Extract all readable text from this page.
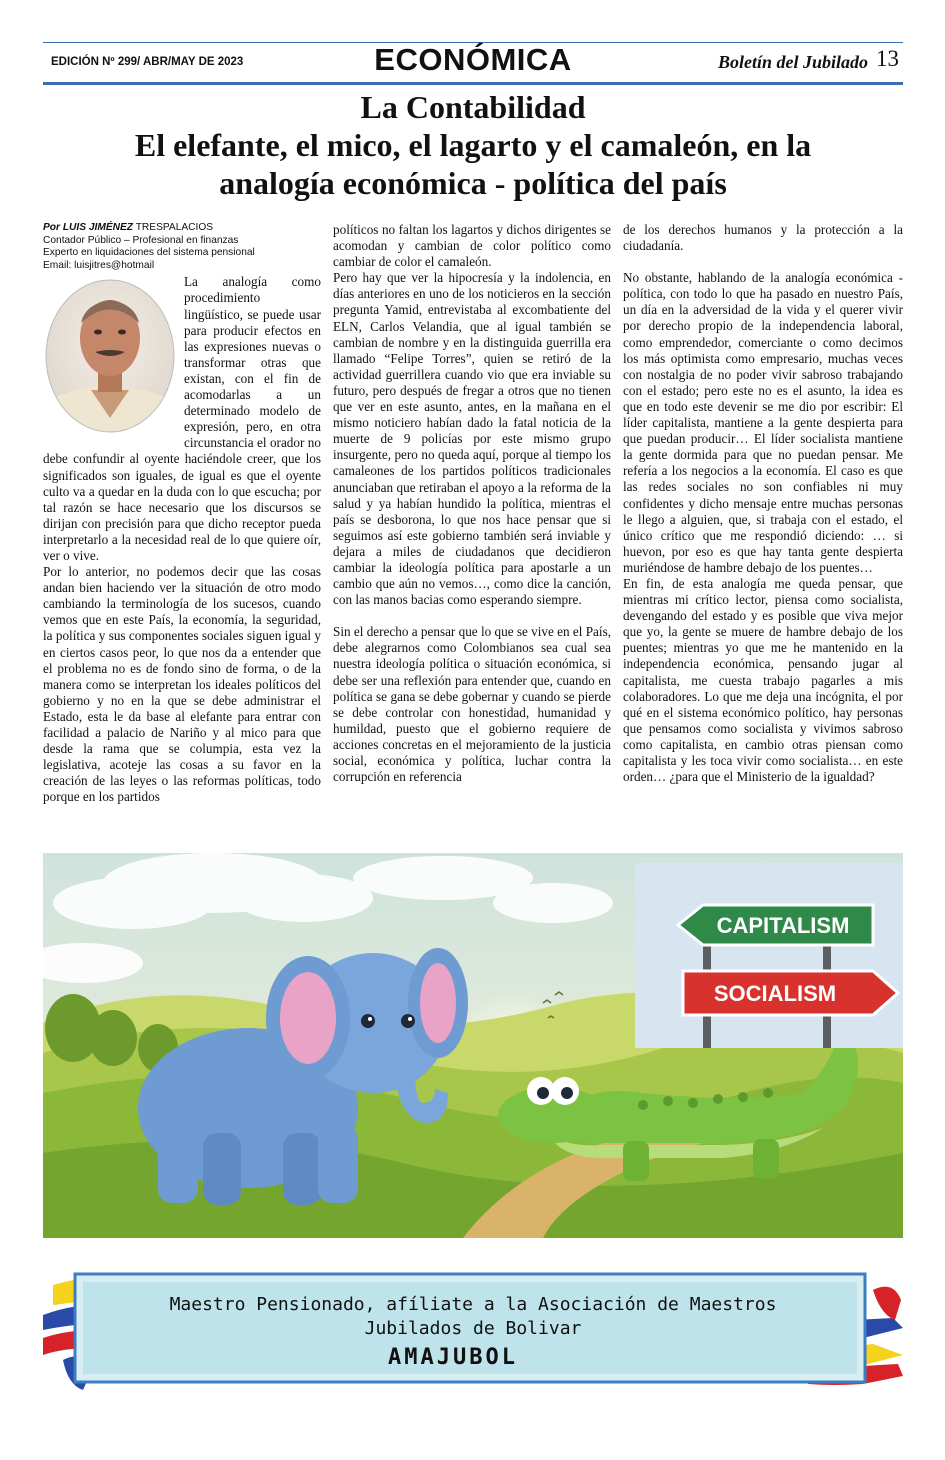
EDICIÓN Nº 299/ ABR/MAY DE 2023	ECONÓMICA	Boletín del Jubilado 13
La Contabilidad
El elefante, el mico, el lagarto y el camaleón, en la
analogía económica - política del país

Por LUIS JIMÉNEZ TRESPALACIOS
Contador Público – Profesional en finanzas
Experto en liquidaciones del sistema pensional
Email: luisjitres@hotmail

La analogía como procedimiento lingüístico, se puede usar para producir efectos en las expresiones nuevas o transformar otras que existan, con el fin de acomodarlas a un determinado modelo de expresión, pero, en otra circunstancia el orador no debe confundir al oyente haciéndole creer, que los significados son iguales, de igual es que el oyente culto va a quedar en la duda con lo que escucha; por tal razón se hace necesario que los discursos se dirijan con precisión para que dicho receptor pueda interpretarlo a la necesidad real de lo que quiere oír, ver o vive.

Por lo anterior, no podemos decir que las cosas andan bien haciendo ver la situación de otro modo cambiando la terminología de los sucesos, cuando vemos que en este País, la economía, la seguridad, la política y sus componentes sociales siguen igual y en ciertos casos peor, lo que nos da a entender que el problema no es de fondo sino de forma, o de la manera como se interpretan los ideales políticos del gobierno y no en la que se debe administrar el Estado, esta le da base al elefante para entrar con facilidad a palacio de Nariño y al mico para que desde la rama que se columpia, esta vez la legislativa, acoteje las cosas a su favor en la creación de las leyes o las reformas políticas, todo porque en los partidos

políticos no faltan los lagartos y dichos dirigentes se acomodan y cambian de color político como cambiar de color el camaleón.

Pero hay que ver la hipocresía y la indolencia, en días anteriores en uno de los noticieros en la sección pregunta Yamid, entrevistaba al excombatiente del ELN, Carlos Velandia, que al igual también se cambian de nombre y en la distinguida guerrilla era llamado “Felipe Torres”, quien se retiró de la actividad guerrillera cuando vio que era inviable su futuro, pero después de fregar a otros que no tienen que ver en este asunto, antes, en la mañana en el mismo noticiero habían dado la fatal noticia de la muerte de 9 policías por este mismo grupo insurgente, pero no queda aquí, porque al tiempo los camaleones de los partidos políticos tradicionales anunciaban que retiraban el apoyo a la reforma de la salud y ya habían hundido la política, mientras el país se desborona, lo que nos hace pensar que si seguimos así este gobierno también será inviable y dejara a miles de ciudadanos que decidieron cambiar la ideología política para apostarle a un cambio que aún no vemos…, como dice la canción, con las manos bacias como esperando siempre.

Sin el derecho a pensar que lo que se vive en el País, debe alegrarnos como Colombianos sea cual sea nuestra ideología política o situación económica, si debe ser una reflexión para entender que, cuando en política se gana se debe gobernar y cuando se pierde se debe controlar con honestidad, humanidad y humildad, puesto que el gobierno requiere de acciones concretas en el mejoramiento de la justicia social, económica y política, luchar contra la corrupción en referencia

de los derechos humanos y la protección a la ciudadanía.

No obstante, hablando de la analogía económica - política, con todo lo que ha pasado en nuestro País, un día en la adversidad de la vida y el querer vivir por derecho propio de la independencia laboral, como emprendedor, comerciante o como decimos los más optimista como empresario, muchas veces con nostalgia de no poder vivir sabroso trabajando con el estado; pero este no es el asunto, la idea es que en todo este devenir se me dio por escribir: El líder capitalista, mantiene a la gente despierta para que puedan producir… El líder socialista mantiene la gente dormida para que no puedan pensar. Me refería a los negocios a la economía. El caso es que las redes sociales no son confiables ni muy confidentes y dicho mensaje entre muchas personas le llego a alguien, que, si trabaja con el estado, el único crítico que me respondió diciendo: … si huevon, por eso es que hay tanta gente despierta muriéndose de hambre debajo de los puentes…

En fin, de esta analogía me queda pensar, que mientras mi crítico lector, piensa como socialista, devengando del estado y es posible que viva mejor que yo, la gente se muere de hambre debajo de los puentes; mientras yo que me he mantenido en la independencia económica, pensando jugar al capitalista, me cuesta trabajo pagarles a mis colaboradores. Lo que me deja una incógnita, el por qué en el sistema económico político, hay personas que pensamos como socialista y vivimos sabroso como capitalista, en cambio otras piensan como capitalista y les toca vivir como socialista… en este orden… ¿para que el Ministerio de la igualdad?

CAPITALISM
SOCIALISM
Maestro Pensionado, afíliate a la Asociación de Maestros
Jubilados de Bolivar
AMAJUBOL
